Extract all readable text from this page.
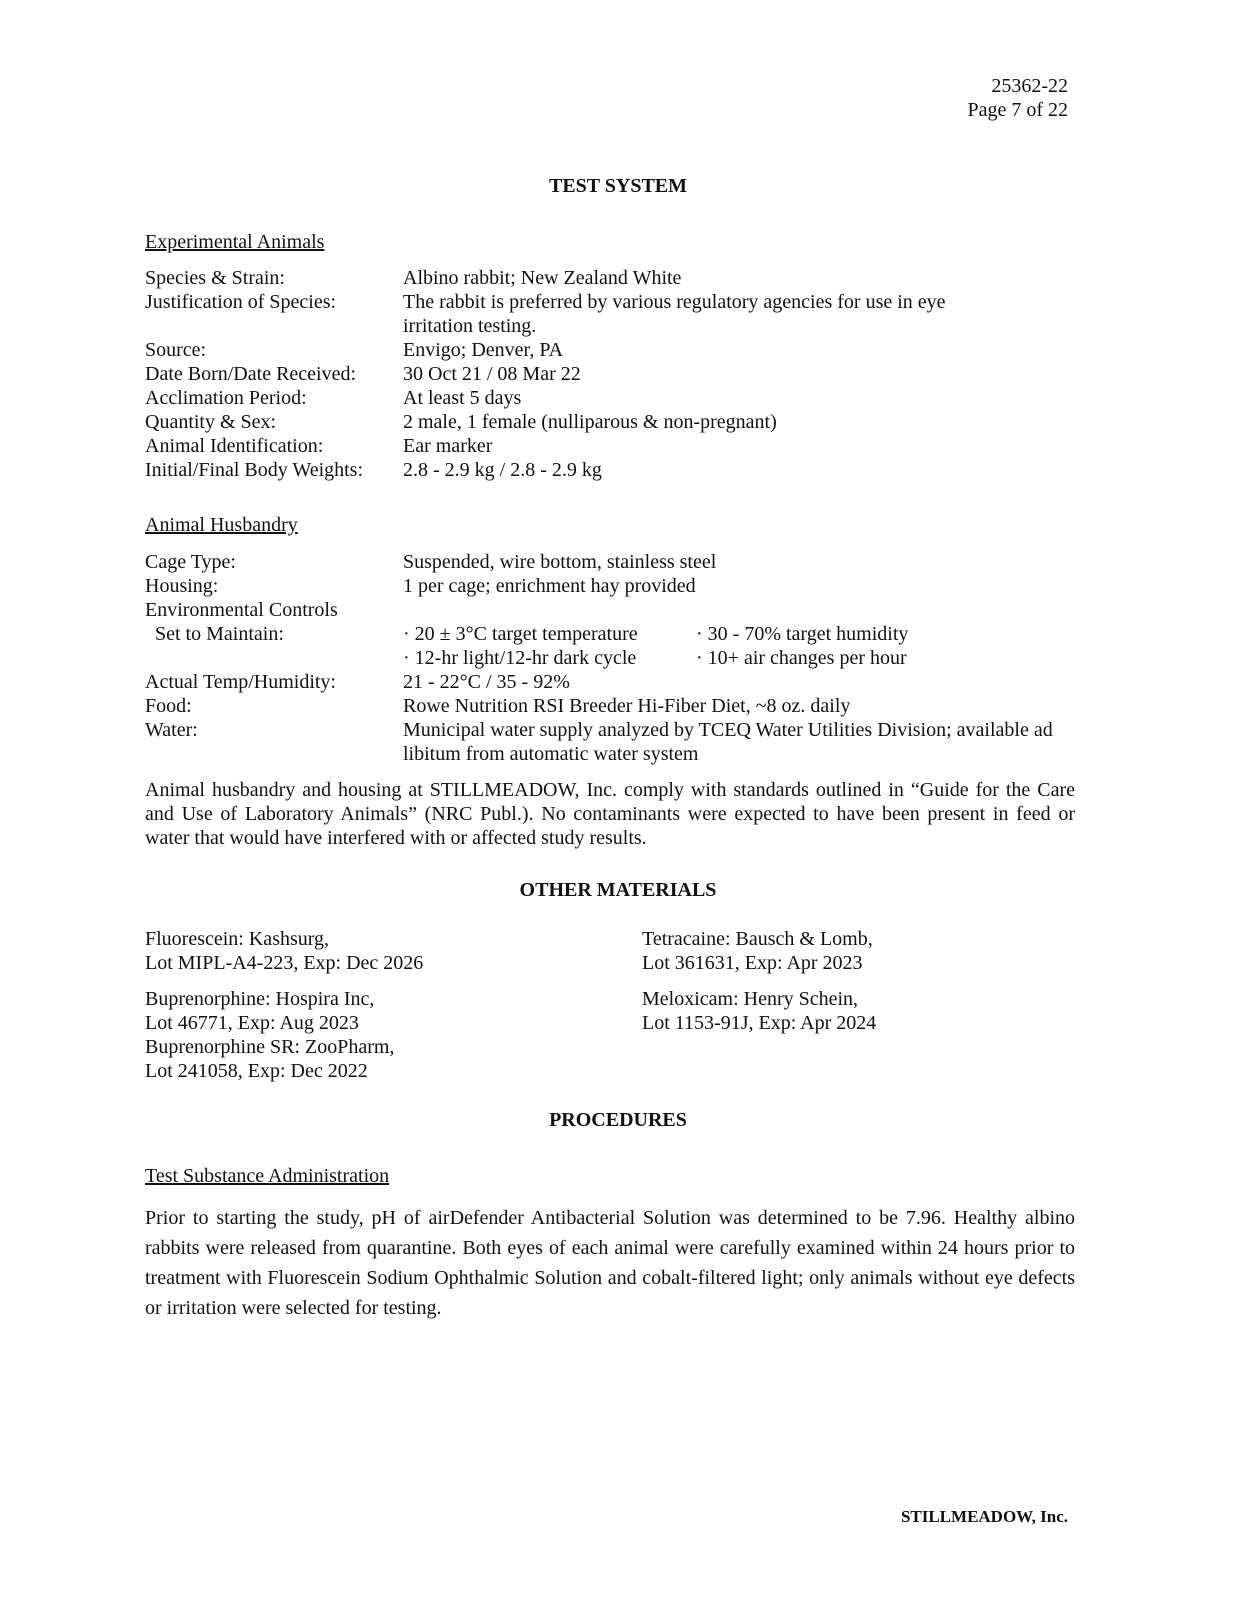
25362-22
Page 7 of 22
TEST SYSTEM
Experimental Animals
Species & Strain:	Albino rabbit; New Zealand White
Justification of Species:	The rabbit is preferred by various regulatory agencies for use in eye irritation testing.
Source:	Envigo; Denver, PA
Date Born/Date Received:	30 Oct 21 / 08 Mar 22
Acclimation Period:	At least 5 days
Quantity & Sex:	2 male, 1 female (nulliparous & non-pregnant)
Animal Identification:	Ear marker
Initial/Final Body Weights:	2.8 - 2.9 kg / 2.8 - 2.9 kg
Animal Husbandry
Cage Type:	Suspended, wire bottom, stainless steel
Housing:	1 per cage; enrichment hay provided
Environmental Controls
Set to Maintain:	· 20 ± 3°C target temperature	· 30 - 70% target humidity
· 12-hr light/12-hr dark cycle	· 10+ air changes per hour
Actual Temp/Humidity:	21 - 22°C / 35 - 92%
Food:	Rowe Nutrition RSI Breeder Hi-Fiber Diet, ~8 oz. daily
Water:	Municipal water supply analyzed by TCEQ Water Utilities Division; available ad libitum from automatic water system
Animal husbandry and housing at STILLMEADOW, Inc. comply with standards outlined in “Guide for the Care and Use of Laboratory Animals” (NRC Publ.). No contaminants were expected to have been present in feed or water that would have interfered with or affected study results.
OTHER MATERIALS
Fluorescein: Kashsurg,
Lot MIPL-A4-223, Exp: Dec 2026
Buprenorphine: Hospira Inc,
Lot 46771, Exp: Aug 2023
Buprenorphine SR: ZooPharm,
Lot 241058, Exp: Dec 2022
Tetracaine: Bausch & Lomb,
Lot 361631, Exp: Apr 2023
Meloxicam: Henry Schein,
Lot 1153-91J, Exp: Apr 2024
PROCEDURES
Test Substance Administration
Prior to starting the study, pH of airDefender Antibacterial Solution was determined to be 7.96. Healthy albino rabbits were released from quarantine. Both eyes of each animal were carefully examined within 24 hours prior to treatment with Fluorescein Sodium Ophthalmic Solution and cobalt-filtered light; only animals without eye defects or irritation were selected for testing.
STILLMEADOW, Inc.
